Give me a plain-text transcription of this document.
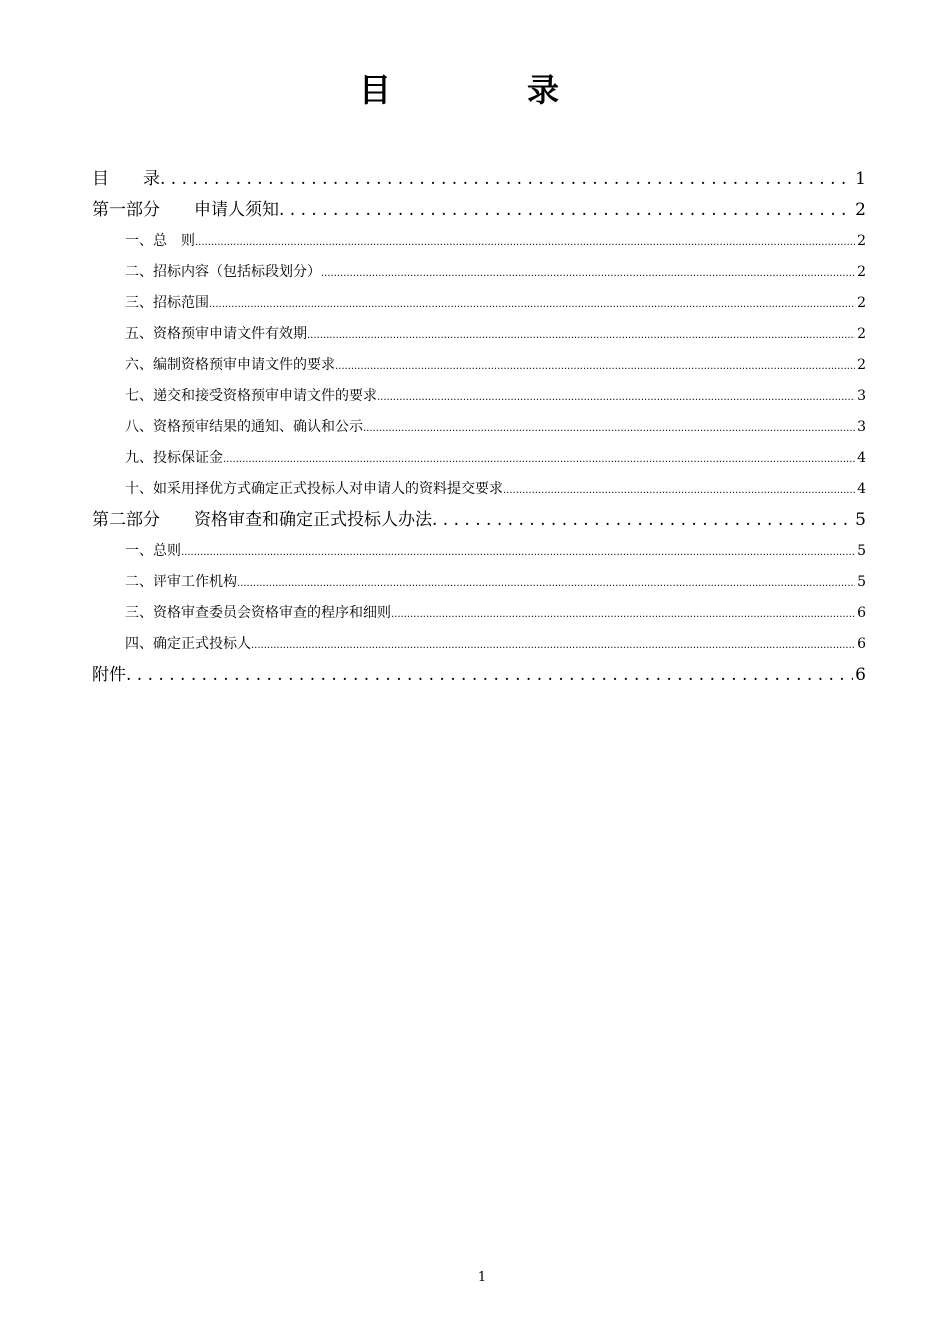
目　录
目　　录 . . .	1
第一部分　　申请人须知 . . .	2
一、总　则 .....	2
二、招标内容（包括标段划分） .....	2
三、招标范围 .....	2
五、资格预审申请文件有效期 .....	2
六、编制资格预审申请文件的要求 .....	2
七、递交和接受资格预审申请文件的要求 .....	3
八、资格预审结果的通知、确认和公示 .....	3
九、投标保证金 .....	4
十、如采用择优方式确定正式投标人对申请人的资料提交要求 .....	4
第二部分　　资格审查和确定正式投标人办法 . . .	5
一、总则 .....	5
二、评审工作机构 .....	5
三、资格审查委员会资格审查的程序和细则 .....	6
四、确定正式投标人 .....	6
附件 . . .	6
1
